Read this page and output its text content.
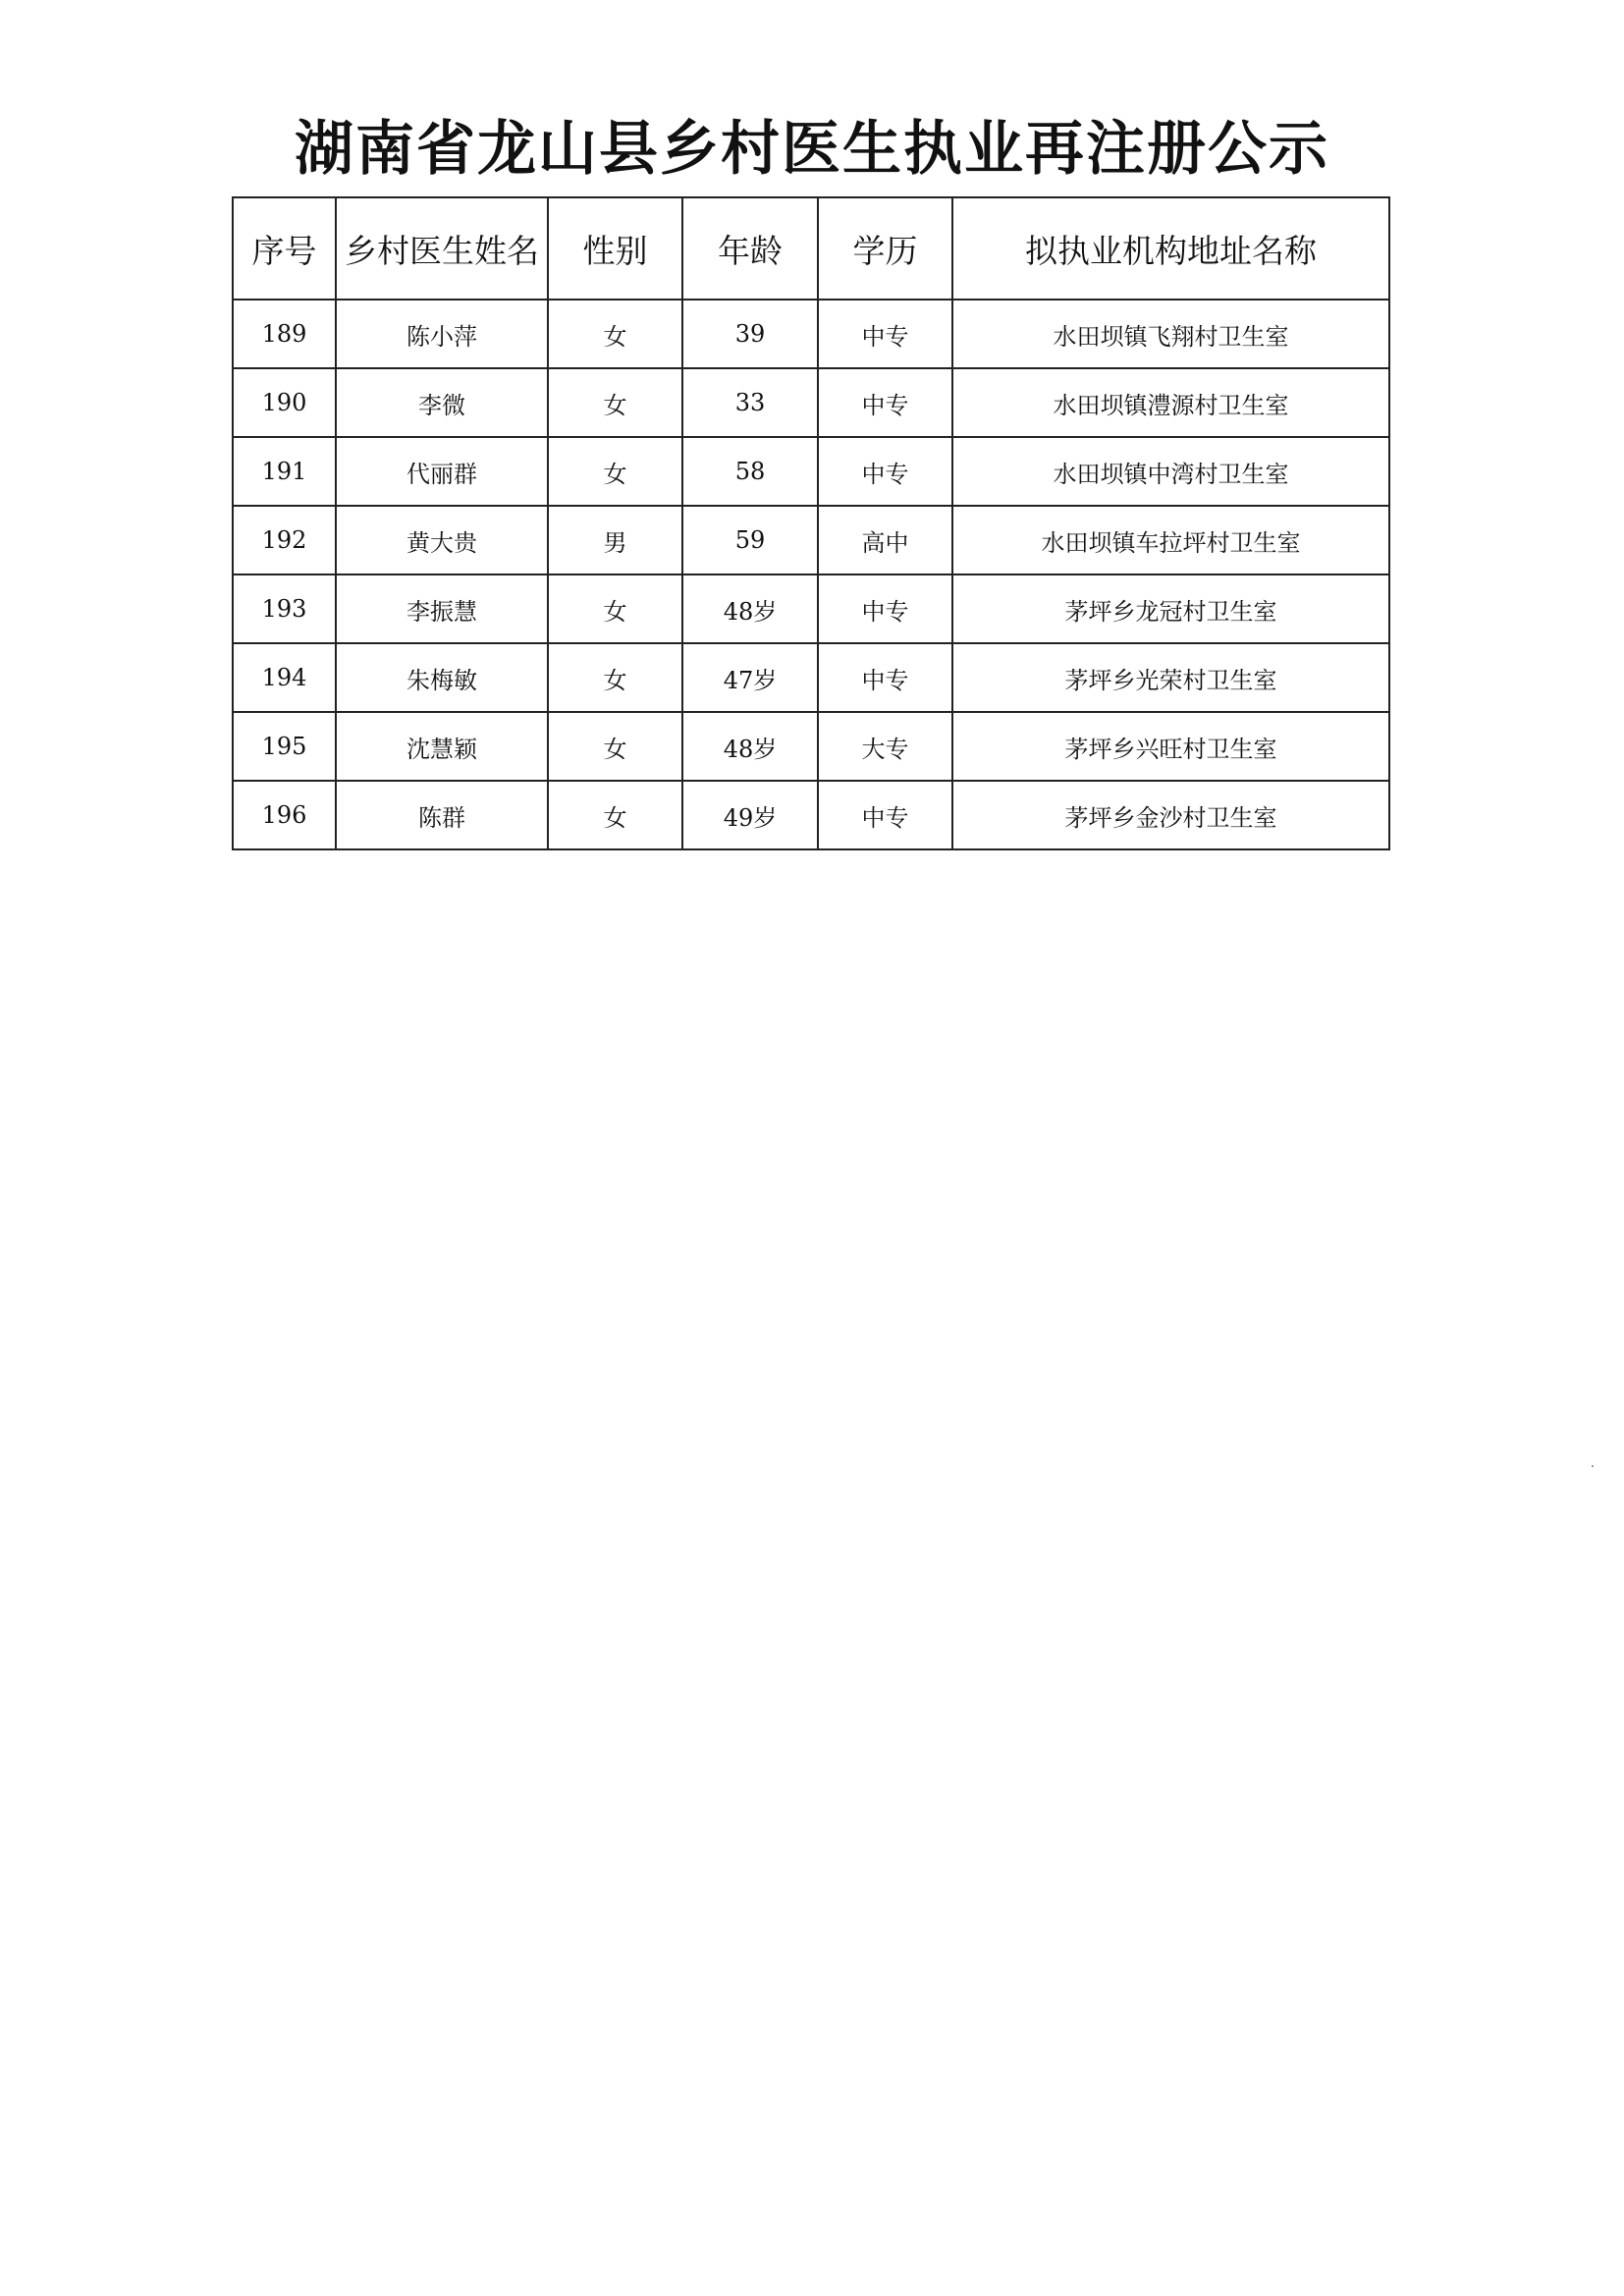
湖南省龙山县乡村医生执业再注册公示
序号	乡村医生姓名	性别	年龄	学历	拟执业机构地址名称
189	陈小萍	女	39	中专	水田坝镇飞翔村卫生室
190	李微	女	33	中专	水田坝镇澧源村卫生室
191	代丽群	女	58	中专	水田坝镇中湾村卫生室
192	黄大贵	男	59	高中	水田坝镇车拉坪村卫生室
193	李振慧	女	48岁	中专	茅坪乡龙冠村卫生室
194	朱梅敏	女	47岁	中专	茅坪乡光荣村卫生室
195	沈慧颖	女	48岁	大专	茅坪乡兴旺村卫生室
196	陈群	女	49岁	中专	茅坪乡金沙村卫生室
